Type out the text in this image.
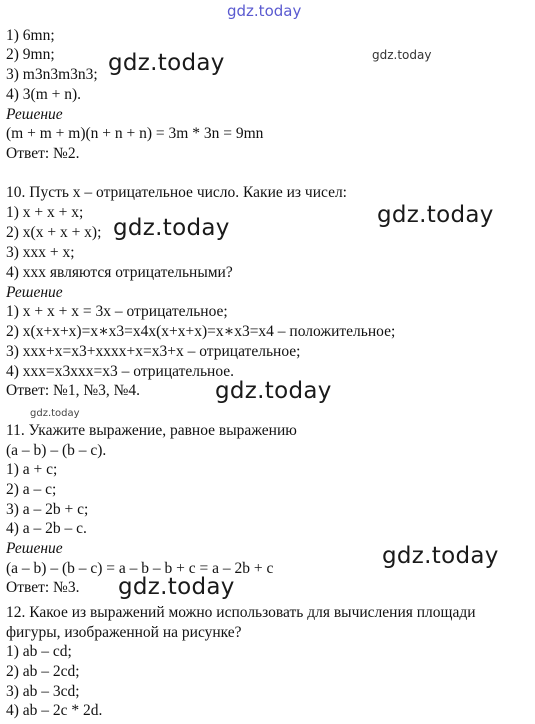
gdz.today
gdz.today	gdz.today
gdz.today
gdz.today
gdz.today
gdz.today
gdz.today
gdz.today
1) 6mn;
2) 9mn;
3) m3n3m3n3;
4) 3(m + n).
Решение
(m + m + m)(n + n + n) = 3m * 3n = 9mn
Ответ: №2.
10. Пусть x – отрицательное число. Какие из чисел:
1) x + x + x;
2) x(x + x + x);
3) xxx + x;
4) xxx являются отрицательными?
Решение
1) x + x + x = 3x – отрицательное;
2) x(x+x+x)=x∗x3=x4x(x+x+x)=x∗x3=x4 – положительное;
3) xxx+x=x3+xxxx+x=x3+x – отрицательное;
4) xxx=x3xxx=x3 – отрицательное.
Ответ: №1, №3, №4.
11. Укажите выражение, равное выражению
(a – b) – (b – c).
1) a + c;
2) a – c;
3) a – 2b + c;
4) a – 2b – c.
Решение
(a – b) – (b – c) = a – b – b + c = a – 2b + c
Ответ: №3.
12. Какое из выражений можно использовать для вычисления площади
фигуры, изображенной на рисунке?
1) ab – cd;
2) ab – 2cd;
3) ab – 3cd;
4) ab – 2c * 2d.
